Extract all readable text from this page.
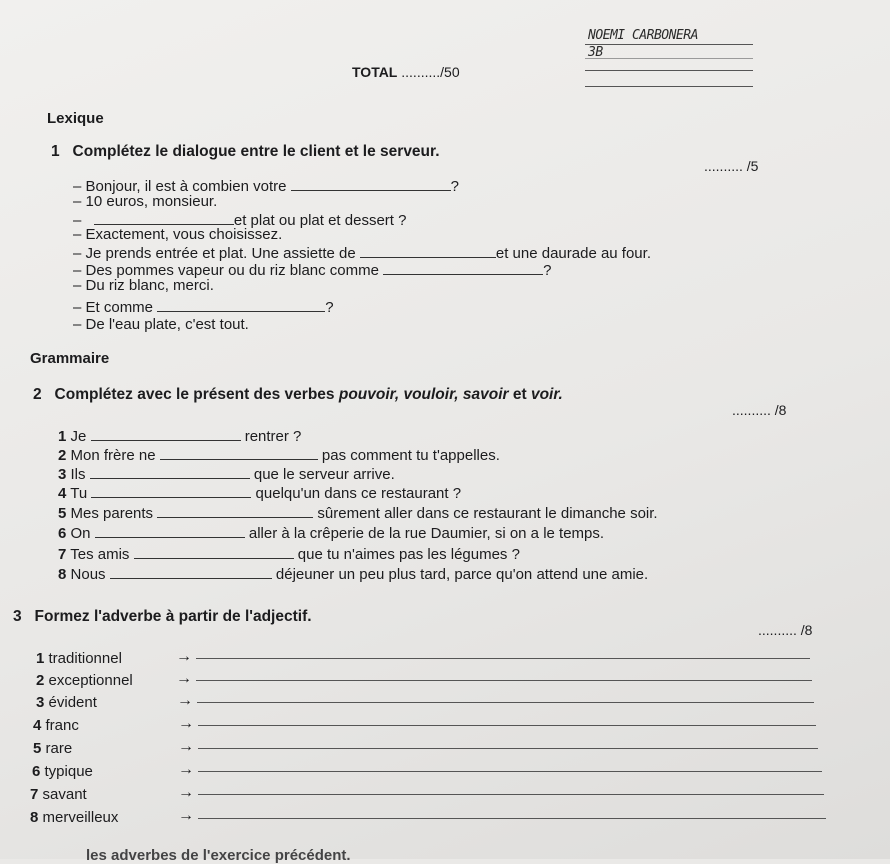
NOEMI CARBONERA
3B
TOTAL ........../50
Lexique
1 Complétez le dialogue entre le client et le serveur.
.......... /5
– Bonjour, il est à combien votre	?
– 10 euros, monsieur.
–	et plat ou plat et dessert ?
– Exactement, vous choisissez.
– Je prends entrée et plat. Une assiette de	et une daurade au four.
– Des pommes vapeur ou du riz blanc comme	?
– Du riz blanc, merci.
– Et comme	?
– De l'eau plate, c'est tout.
Grammaire
2 Complétez avec le présent des verbes pouvoir, vouloir, savoir et voir.
.......... /8
1 Je	rentrer ?
2 Mon frère ne	pas comment tu t'appelles.
3 Ils	que le serveur arrive.
4 Tu	quelqu'un dans ce restaurant ?
5 Mes parents	sûrement aller dans ce restaurant le dimanche soir.
6 On	aller à la crêperie de la rue Daumier, si on a le temps.
7 Tes amis	que tu n'aimes pas les légumes ?
8 Nous	déjeuner un peu plus tard, parce qu'on attend une amie.
3 Formez l'adverbe à partir de l'adjectif.
.......... /8
1 traditionnel	→
2 exceptionnel	→
3 évident	→
4 franc	→
5 rare	→
6 typique	→
7 savant	→
8 merveilleux	→
les adverbes de l'exercice précédent.
